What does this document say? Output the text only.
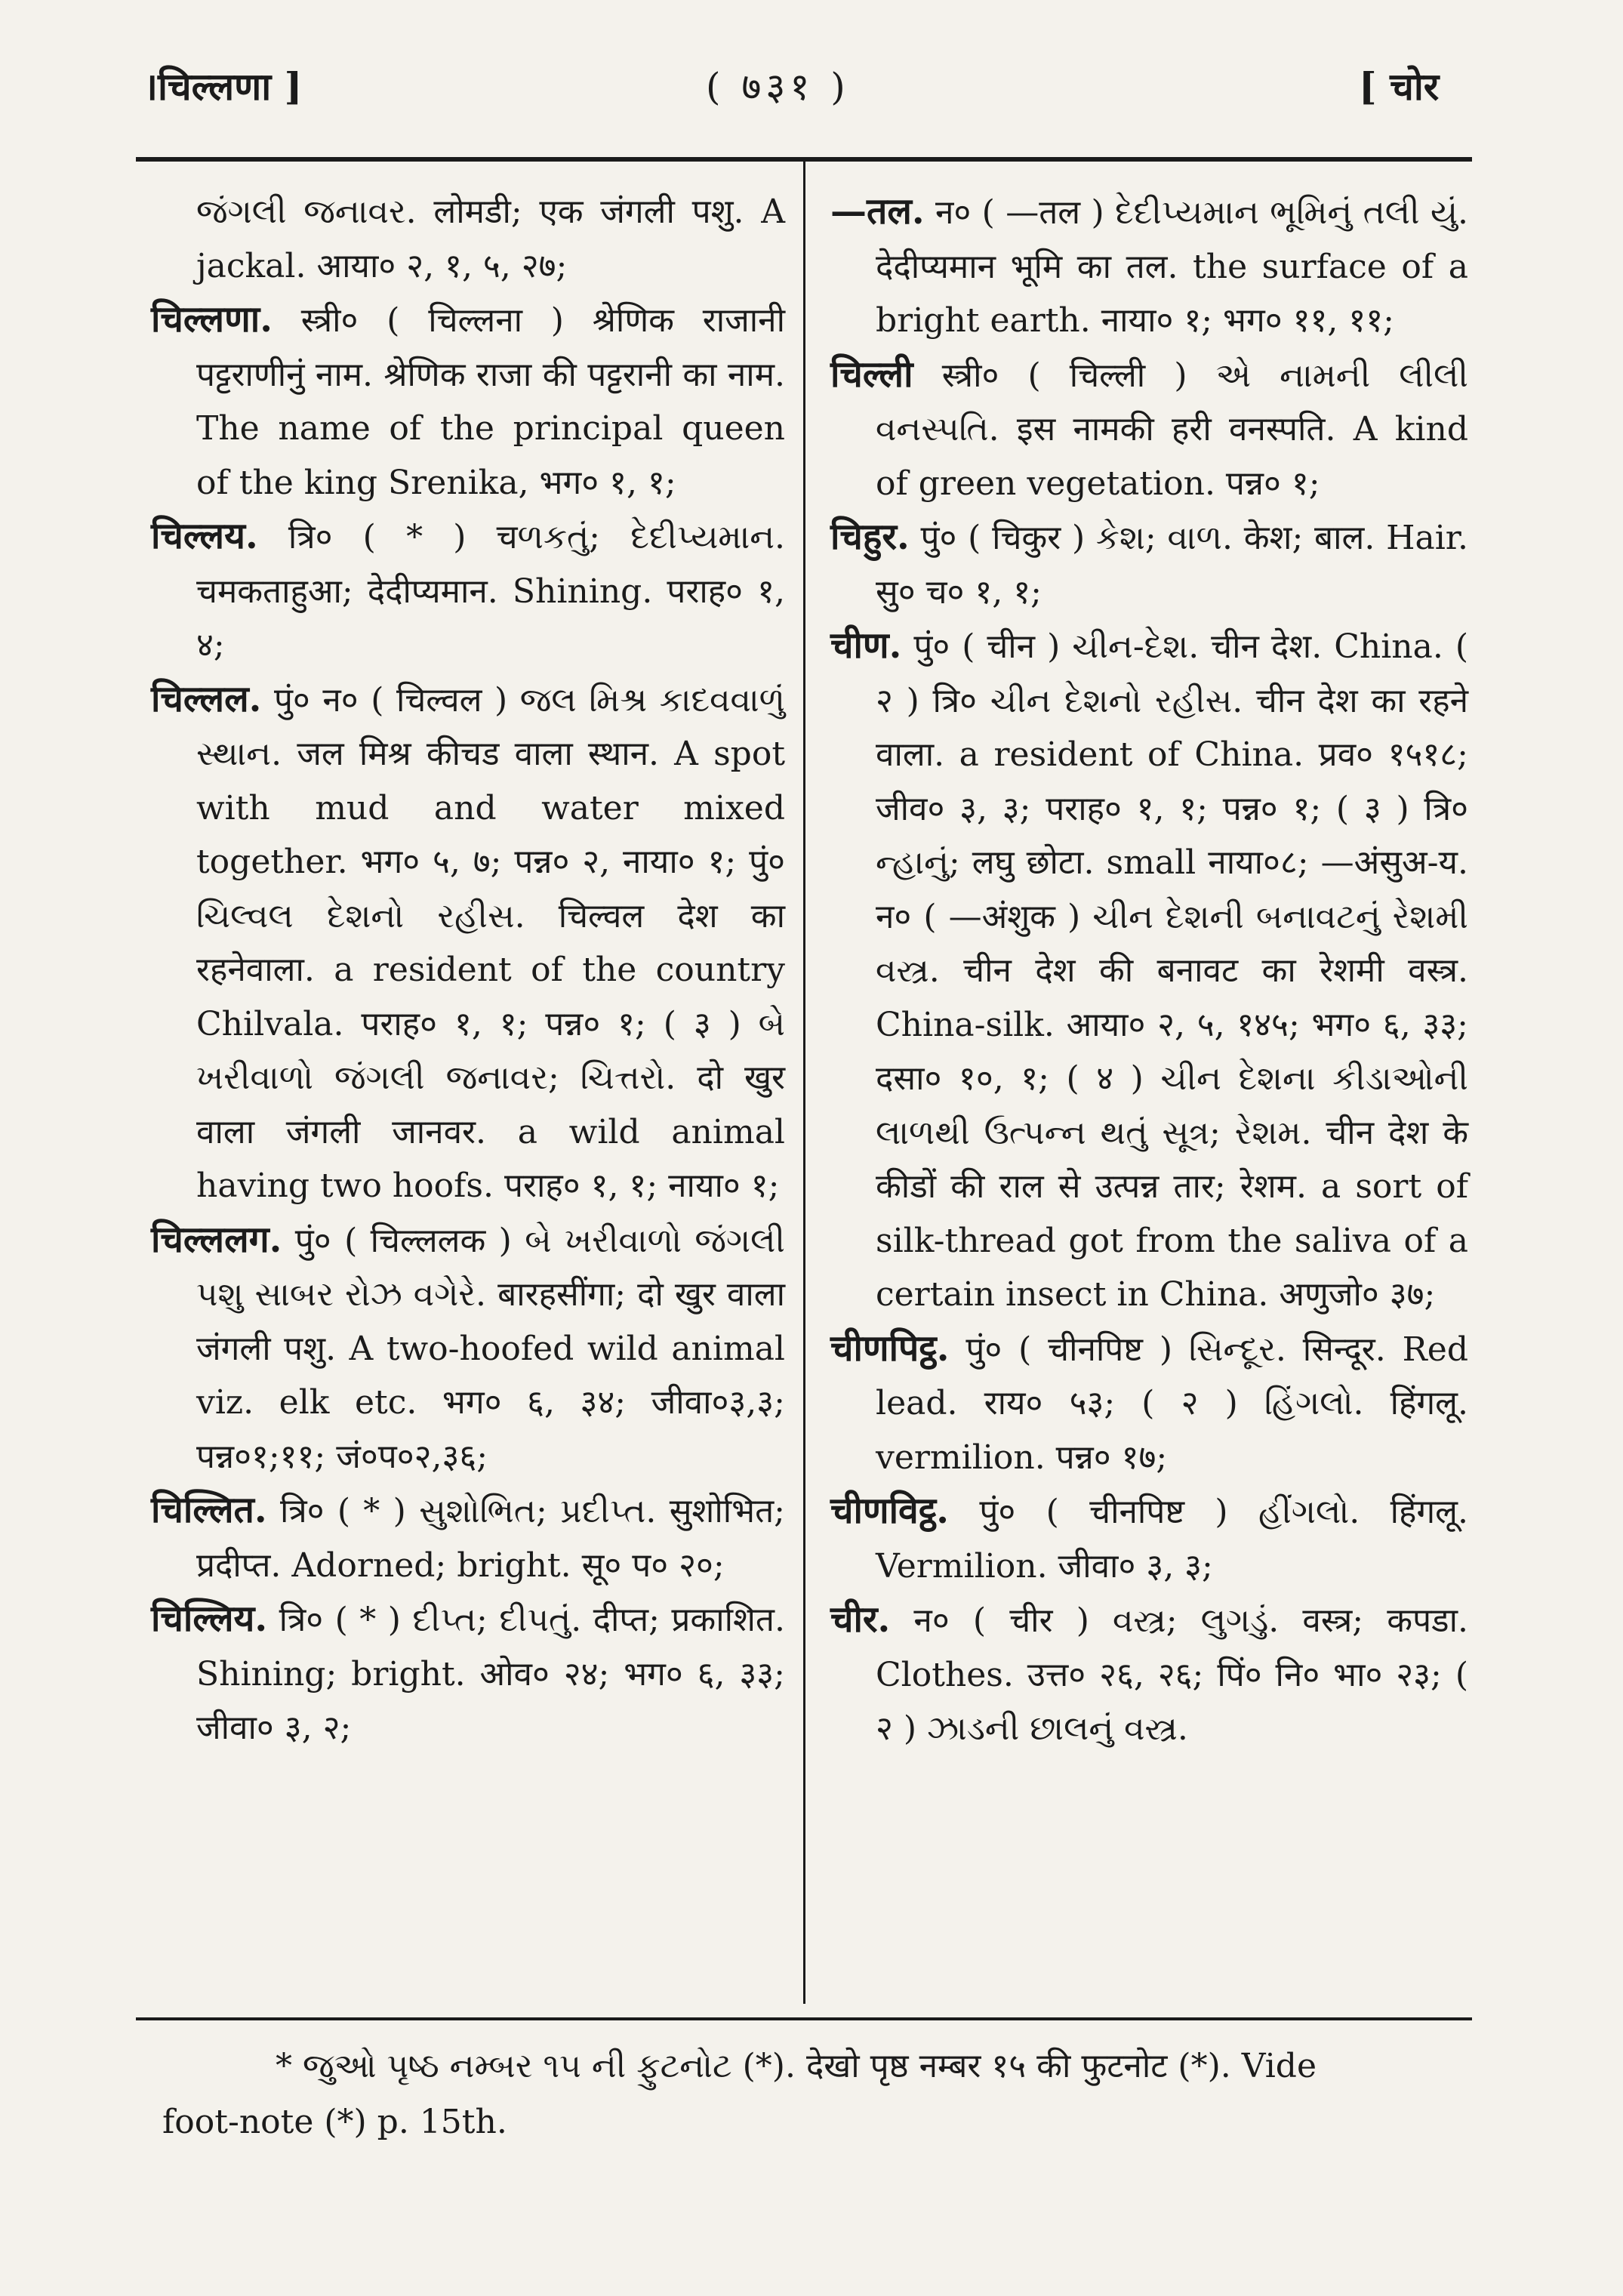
।चिल्लणा ]	( ७३१ )	[ चोर

જંગલી જનાવર. लोमडी; एक जंगली पशु. A jackal. आया० २, १, ५, २७;

चिल्लणा. स्त्री० ( चिल्लना ) श्रेणिक राजानी पट्टराणीनुं नाम. श्रेणिक राजा की पट्टरानी का नाम. The name of the principal queen of the king Srenika, भग० १, १;

चिल्लय. त्रि० ( * ) चળકતું; દેદીપ્યમાન. चमकताहुआ; देदीप्यमान. Shining. पराह० १, ४;

चिल्लल. पुं० न० ( चिल्वल ) જલ મિશ્ર કાદવવાળું સ્થાન. जल मिश्र कीचड वाला स्थान. A spot with mud and water mixed together. भग० ५, ७; पन्न० २, नाया० १; पुं० ચિલ્વલ દેશનો રહીસ. चिल्वल देश का रहनेवाला. a resident of the country Chilvala. पराह० १, १; पन्न० १; ( ३ ) બે ખરીવાળો જંગલી જનાવર; ચિત્તરો. दो खुर वाला जंगली जानवर. a wild animal having two hoofs. पराह० १, १; नाया० १;

चिल्ललग. पुं० ( चिल्ललक ) બે ખરીવાળો જંગલી પશુ સાબર રોઝ વગેરે. बारहसींगा; दो खुर वाला जंगली पशु. A two-hoofed wild animal viz. elk etc. भग० ६, ३४; जीवा०३,३; पन्न०१;११; जं०प०२,३६;

चिल्लित. त्रि० ( * ) સુશોભિત; પ્રદીપ્ત. सुशोभित; प्रदीप्त. Adorned; bright. सू० प० २०;

चिल्लिय. त्रि० ( * ) દીપ્ત; દીપતું. दीप्त; प्रकाशित. Shining; bright. ओव० २४; भग० ६, ३३; जीवा० ३, २;

—तल. न० ( —तल ) દેદીપ્યમાન ભૂમિનું તલી યું. देदीप्यमान भूमि का तल. the surface of a bright earth. नाया० १; भग० ११, ११;

चिल्ली स्त्री० ( चिल्ली ) એ નામની લીલી વનસ્પતિ. इस नामकी हरी वनस्पति. A kind of green vegetation. पन्न० १;

चिहुर. पुं० ( चिकुर ) કેશ; વાળ. केश; बाल. Hair. सु० च० १, १;

चीण. पुं० ( चीन ) ચીન-દેશ. चीन देश. China. ( २ ) त्रि० ચીન દેશનો રહીસ. चीन देश का रहने वाला. a resident of China. प्रव० १५१८; जीव० ३, ३; पराह० १, १; पन्न० १; ( ३ ) त्रि० ન્હાનું; लघु छोटा. small नाया०८; —अंसुअ-य. न० ( —अंशुक ) ચીન દેશની બનાવટનું રેશમી વસ્ત્ર. चीन देश की बनावट का रेशमी वस्त्र. China-silk. आया० २, ५, १४५; भग० ६, ३३; दसा० १०, १; ( ४ ) ચીન દેશના કીડાઓની લાળથી ઉત્પન્ન થતું સૂત્ર; રેશમ. चीन देश के कीडों की राल से उत्पन्न तार; रेशम. a sort of silk-thread got from the saliva of a certain insect in China. अणुजो० ३७;

चीणपिट्ठ. पुं० ( चीनपिष्ट ) સિન્દૂર. सिन्दूर. Red lead. राय० ५३; ( २ ) હિંગલો. हिंगलू. vermilion. पन्न० १७;

चीणविट्ठ. पुं० ( चीनपिष्ट ) હીંગલો. हिंगलू. Vermilion. जीवा० ३, ३;

चीर. न० ( चीर ) વસ્ત્ર; લુગડું. वस्त्र; कपडा. Clothes. उत्त० २६, २६; पिं० नि० भा० २३; ( २ ) ઝાડની છાલનું વસ્ત્ર.

* જુઓ પૃષ્ઠ નમ્બર ૧૫ ની ફુટનોટ (*). देखो पृष्ठ नम्बर १५ की फुटनोट (*). Vide
foot-note (*) p. 15th.
